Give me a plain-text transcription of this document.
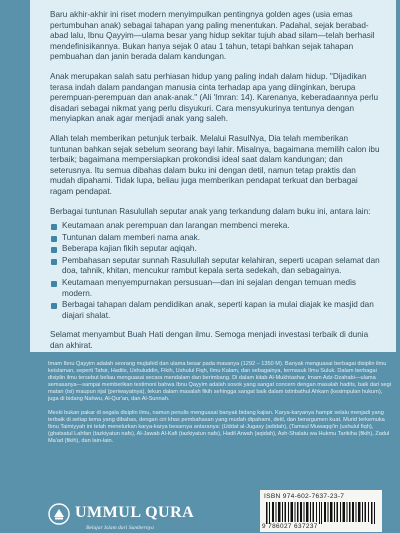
Baru akhir-akhir ini riset modern menyimpulkan pentingnya golden ages (usia emas pertumbuhan anak) sebagai tahapan yang paling menentukan. Padahal, sejak berabad-abad lalu, Ibnu Qayyim—ulama besar yang hidup sekitar tujuh abad silam—telah berhasil mendefinisikannya. Bukan hanya sejak 0 atau 1 tahun, tetapi bahkan sejak tahapan pembuahan dan janin berada dalam kandungan.

Anak merupakan salah satu perhiasan hidup yang paling indah dalam hidup. "Dijadikan terasa indah dalam pandangan manusia cinta terhadap apa yang diinginkan, berupa perempuan-perempuan dan anak-anak." (Ali 'Imran: 14). Karenanya, keberadaannya perlu disadari sebagai nikmat yang perlu disyukuri. Cara mensyukurinya tentunya dengan menyiapkan anak agar menjadi anak yang saleh.

Allah telah memberikan petunjuk terbaik. Melalui RasulNya, Dia telah memberikan tuntunan bahkan sejak sebelum seorang bayi lahir. Misalnya, bagaimana memilih calon ibu terbaik; bagaimana mempersiapkan prokondisi ideal saat dalam kandungan; dan seterusnya. Itu semua dibahas dalam buku ini dengan detil, namun tetap praktis dan mudah dipahami. Tidak lupa, beliau juga memberikan pendapat terkuat dan berbagai ragam pendapat.

Berbagai tuntunan Rasulullah seputar anak yang terkandung dalam buku ini, antara lain:

Keutamaan anak perempuan dan larangan membenci mereka.
Tuntunan dalam memberi nama anak.
Beberapa kajian fikih seputar aqiqah.
Pembahasan seputar sunnah Rasulullah seputar kelahiran, seperti ucapan selamat dan doa, tahnik, khitan, mencukur rambut kepala serta sedekah, dan sebagainya.
Keutamaan menyempurnakan persusuan—dan ini sejalan dengan temuan medis modern.
Berbagai tahapan dalam pendidikan anak, seperti kapan ia mulai diajak ke masjid dan diajari shalat.

Selamat menyambut Buah Hati dengan ilmu. Semoga menjadi investasi terbaik di dunia dan akhirat.

Imam Ibnu Qayyim adalah seorang mujtahid dan ulama besar pada masanya (1292 – 1350 M). Banyak menguasai berbagai disiplin ilmu keislaman, seperti Tafsir, Hadits, Ushuluddin, Fikih, Ushulul Fiqh, Ilmu Kalam, dan sebagainya, termasuk Ilmu Suluk. Dalam berbagai disiplin ilmu tersebut beliau menguasai secara mendalam dan berimbang. Di dalam kitab Al-Mukhtashar, Imam Adz-Dzahabi—ulama semasanya—sampai memberikan testimoni bahwa Ibnu Qayyim adalah sosok yang sangat concern dengan masalah hadits, baik dari segi matan (isi) maupun rijal (periwayatnya), tekun dalam masalah fikih sehingga sangat baik dalam istinbathul Ahkam (kesimpulan hukum), juga di bidang Nahwu, Al-Qur'an, dan Al-Sunnah.

Meski bukan pakar di segala disiplin ilmu, namun penulis menguasai banyak bidang kajian. Karya-karyanya hampir selalu menjadi yang terbaik di setiap tema yang dibahas, dengan ciri khas pembahasan yang mudah dipahami, detil, dan berargumen kuat. Murid terkemuka Ibnu Taimiyyah ini telah menelurkan karya-karya besarnya antaranya: (Uddat al-Jugasy (adidah), (Tamsul Muwaqqi'in (ushulul fiqh), (ghatsatul Lahfan (tazkiyatun nafs), Al-Jawab Al-Kafi (tazkiyatun nafs), Hadil Arwah (aqidah), Ash-Shalatu wa Hukmu Tarikiha (fikih), Zadul Ma'ad (fikih), dan lain-lain.

UMMUL QURA
Belajar Islam dari Sumbernya
ISBN 974-602-7637-23-7
9 786027 637237
